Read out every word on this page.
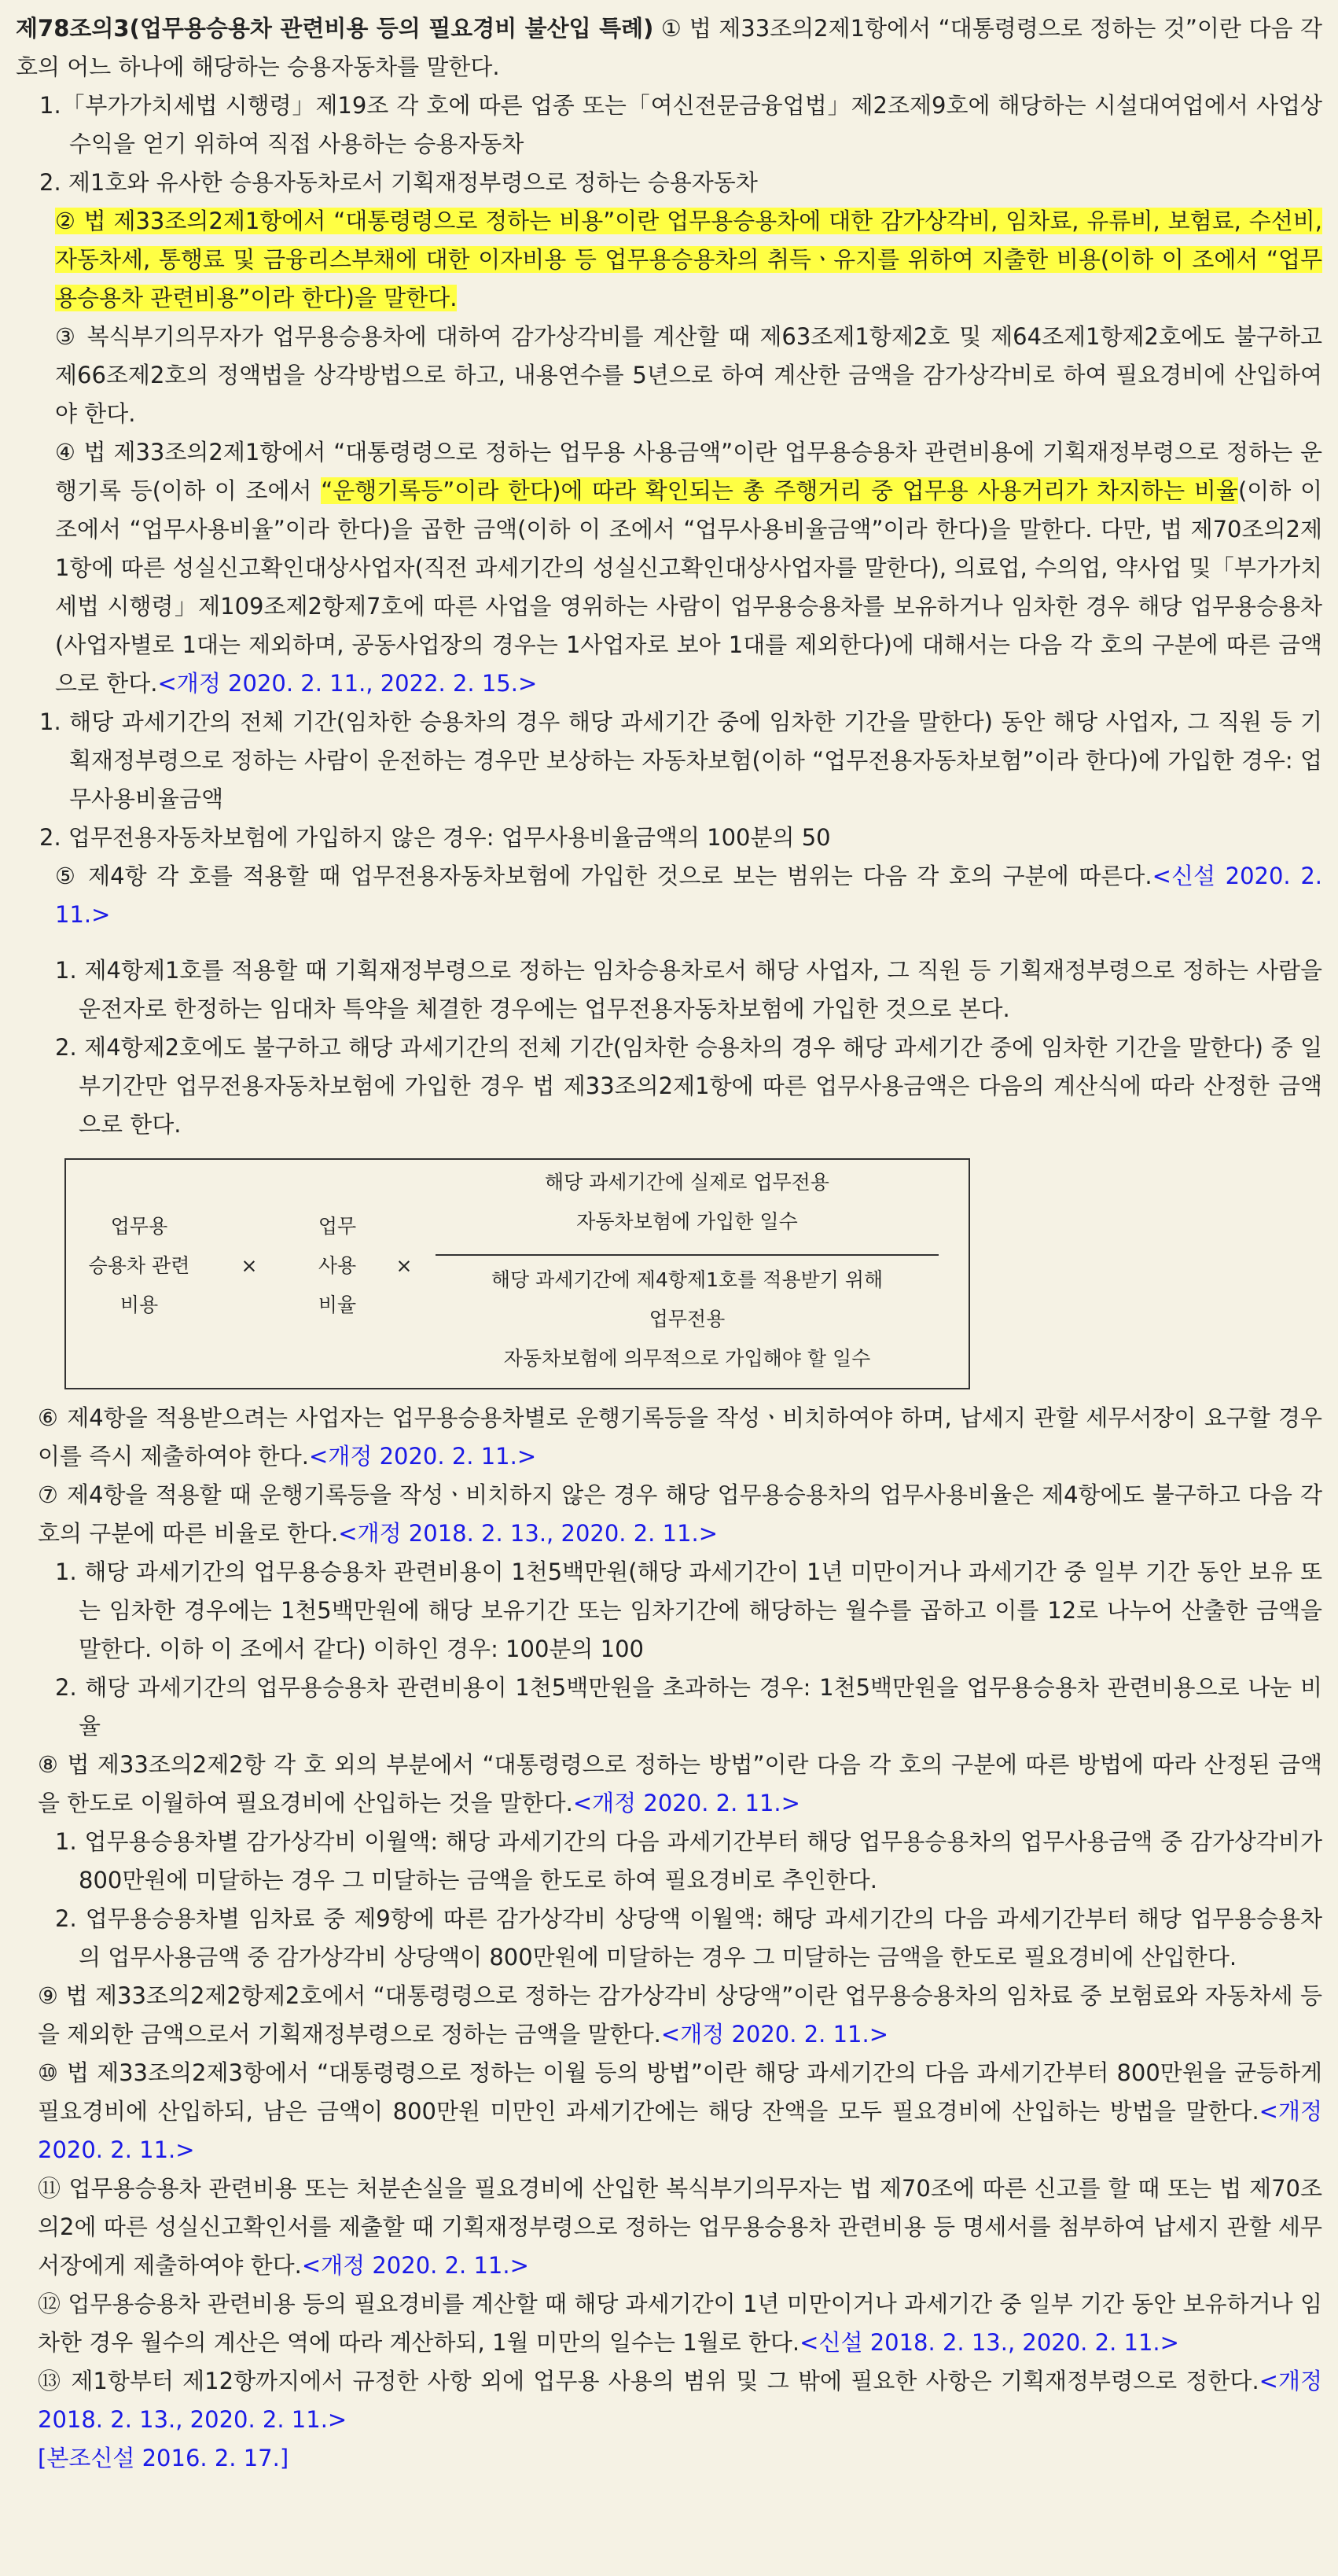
제78조의3(업무용승용차 관련비용 등의 필요경비 불산입 특례) ① 법 제33조의2제1항에서 “대통령령으로 정하는 것”이란 다음 각 호의 어느 하나에 해당하는 승용자동차를 말한다.

1.「부가가치세법 시행령」제19조 각 호에 따른 업종 또는「여신전문금융업법」제2조제9호에 해당하는 시설대여업에서 사업상 수익을 얻기 위하여 직접 사용하는 승용자동차

2. 제1호와 유사한 승용자동차로서 기획재정부령으로 정하는 승용자동차

② 법 제33조의2제1항에서 “대통령령으로 정하는 비용”이란 업무용승용차에 대한 감가상각비, 임차료, 유류비, 보험료, 수선비, 자동차세, 통행료 및 금융리스부채에 대한 이자비용 등 업무용승용차의 취득ㆍ유지를 위하여 지출한 비용(이하 이 조에서 “업무용승용차 관련비용”이라 한다)을 말한다.

③ 복식부기의무자가 업무용승용차에 대하여 감가상각비를 계산할 때 제63조제1항제2호 및 제64조제1항제2호에도 불구하고 제66조제2호의 정액법을 상각방법으로 하고, 내용연수를 5년으로 하여 계산한 금액을 감가상각비로 하여 필요경비에 산입하여야 한다.

④ 법 제33조의2제1항에서 “대통령령으로 정하는 업무용 사용금액”이란 업무용승용차 관련비용에 기획재정부령으로 정하는 운행기록 등(이하 이 조에서 “운행기록등”이라 한다)에 따라 확인되는 총 주행거리 중 업무용 사용거리가 차지하는 비율(이하 이 조에서 “업무사용비율”이라 한다)을 곱한 금액(이하 이 조에서 “업무사용비율금액”이라 한다)을 말한다. 다만, 법 제70조의2제1항에 따른 성실신고확인대상사업자(직전 과세기간의 성실신고확인대상사업자를 말한다), 의료업, 수의업, 약사업 및「부가가치세법 시행령」제109조제2항제7호에 따른 사업을 영위하는 사람이 업무용승용차를 보유하거나 임차한 경우 해당 업무용승용차(사업자별로 1대는 제외하며, 공동사업장의 경우는 1사업자로 보아 1대를 제외한다)에 대해서는 다음 각 호의 구분에 따른 금액으로 한다.<개정 2020. 2. 11., 2022. 2. 15.>

1. 해당 과세기간의 전체 기간(임차한 승용차의 경우 해당 과세기간 중에 임차한 기간을 말한다) 동안 해당 사업자, 그 직원 등 기획재정부령으로 정하는 사람이 운전하는 경우만 보상하는 자동차보험(이하 “업무전용자동차보험”이라 한다)에 가입한 경우: 업무사용비율금액

2. 업무전용자동차보험에 가입하지 않은 경우: 업무사용비율금액의 100분의 50

⑤ 제4항 각 호를 적용할 때 업무전용자동차보험에 가입한 것으로 보는 범위는 다음 각 호의 구분에 따른다.<신설 2020. 2. 11.>

1. 제4항제1호를 적용할 때 기획재정부령으로 정하는 임차승용차로서 해당 사업자, 그 직원 등 기획재정부령으로 정하는 사람을 운전자로 한정하는 임대차 특약을 체결한 경우에는 업무전용자동차보험에 가입한 것으로 본다.

2. 제4항제2호에도 불구하고 해당 과세기간의 전체 기간(임차한 승용차의 경우 해당 과세기간 중에 임차한 기간을 말한다) 중 일부기간만 업무전용자동차보험에 가입한 경우 법 제33조의2제1항에 따른 업무사용금액은 다음의 계산식에 따라 산정한 금액으로 한다.

업무용
승용차 관련
비용
×
업무
사용
비율
×
해당 과세기간에 실제로 업무전용
자동차보험에 가입한 일수
해당 과세기간에 제4항제1호를 적용받기 위해
업무전용
자동차보험에 의무적으로 가입해야 할 일수

⑥ 제4항을 적용받으려는 사업자는 업무용승용차별로 운행기록등을 작성ㆍ비치하여야 하며, 납세지 관할 세무서장이 요구할 경우 이를 즉시 제출하여야 한다.<개정 2020. 2. 11.>

⑦ 제4항을 적용할 때 운행기록등을 작성ㆍ비치하지 않은 경우 해당 업무용승용차의 업무사용비율은 제4항에도 불구하고 다음 각 호의 구분에 따른 비율로 한다.<개정 2018. 2. 13., 2020. 2. 11.>

1. 해당 과세기간의 업무용승용차 관련비용이 1천5백만원(해당 과세기간이 1년 미만이거나 과세기간 중 일부 기간 동안 보유 또는 임차한 경우에는 1천5백만원에 해당 보유기간 또는 임차기간에 해당하는 월수를 곱하고 이를 12로 나누어 산출한 금액을 말한다. 이하 이 조에서 같다) 이하인 경우: 100분의 100

2. 해당 과세기간의 업무용승용차 관련비용이 1천5백만원을 초과하는 경우: 1천5백만원을 업무용승용차 관련비용으로 나눈 비율

⑧ 법 제33조의2제2항 각 호 외의 부분에서 “대통령령으로 정하는 방법”이란 다음 각 호의 구분에 따른 방법에 따라 산정된 금액을 한도로 이월하여 필요경비에 산입하는 것을 말한다.<개정 2020. 2. 11.>

1. 업무용승용차별 감가상각비 이월액: 해당 과세기간의 다음 과세기간부터 해당 업무용승용차의 업무사용금액 중 감가상각비가 800만원에 미달하는 경우 그 미달하는 금액을 한도로 하여 필요경비로 추인한다.

2. 업무용승용차별 임차료 중 제9항에 따른 감가상각비 상당액 이월액: 해당 과세기간의 다음 과세기간부터 해당 업무용승용차의 업무사용금액 중 감가상각비 상당액이 800만원에 미달하는 경우 그 미달하는 금액을 한도로 필요경비에 산입한다.

⑨ 법 제33조의2제2항제2호에서 “대통령령으로 정하는 감가상각비 상당액”이란 업무용승용차의 임차료 중 보험료와 자동차세 등을 제외한 금액으로서 기획재정부령으로 정하는 금액을 말한다.<개정 2020. 2. 11.>

⑩ 법 제33조의2제3항에서 “대통령령으로 정하는 이월 등의 방법”이란 해당 과세기간의 다음 과세기간부터 800만원을 균등하게 필요경비에 산입하되, 남은 금액이 800만원 미만인 과세기간에는 해당 잔액을 모두 필요경비에 산입하는 방법을 말한다.<개정 2020. 2. 11.>

⑪ 업무용승용차 관련비용 또는 처분손실을 필요경비에 산입한 복식부기의무자는 법 제70조에 따른 신고를 할 때 또는 법 제70조의2에 따른 성실신고확인서를 제출할 때 기획재정부령으로 정하는 업무용승용차 관련비용 등 명세서를 첨부하여 납세지 관할 세무서장에게 제출하여야 한다.<개정 2020. 2. 11.>

⑫ 업무용승용차 관련비용 등의 필요경비를 계산할 때 해당 과세기간이 1년 미만이거나 과세기간 중 일부 기간 동안 보유하거나 임차한 경우 월수의 계산은 역에 따라 계산하되, 1월 미만의 일수는 1월로 한다.<신설 2018. 2. 13., 2020. 2. 11.>

⑬ 제1항부터 제12항까지에서 규정한 사항 외에 업무용 사용의 범위 및 그 밖에 필요한 사항은 기획재정부령으로 정한다.<개정 2018. 2. 13., 2020. 2. 11.>

[본조신설 2016. 2. 17.]
